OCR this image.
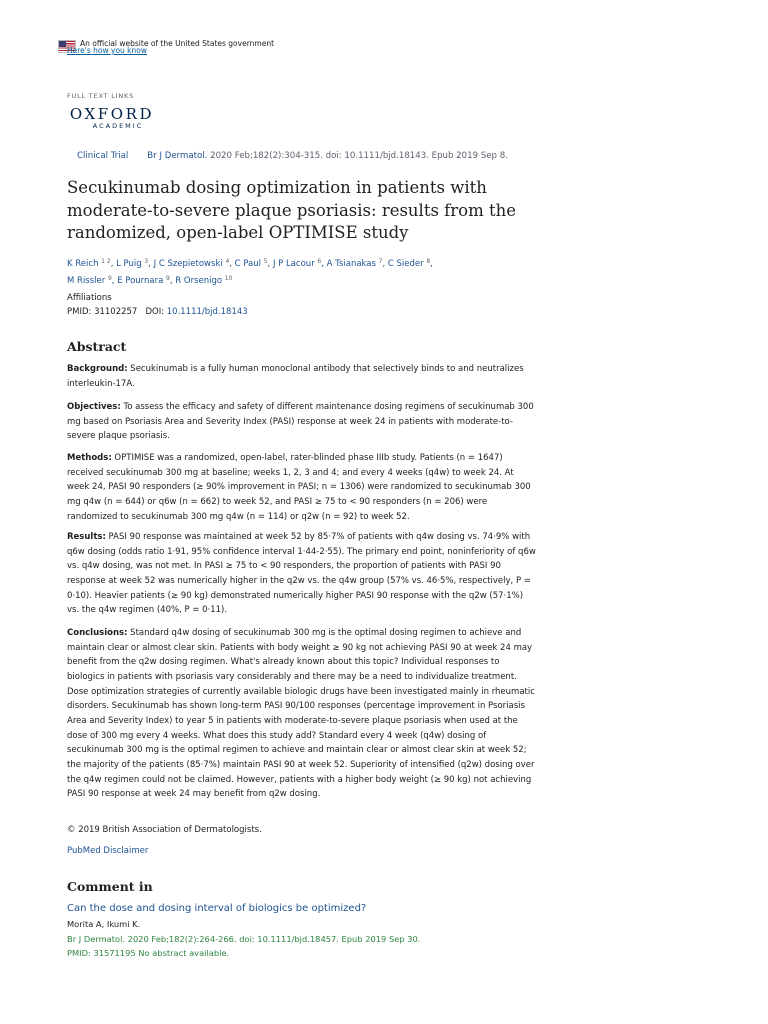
An official website of the United States government
Here's how you know
FULL TEXT LINKS
OXFORD
ACADEMIC
Clinical Trial Br J Dermatol. 2020 Feb;182(2):304-315. doi: 10.1111/bjd.18143. Epub 2019 Sep 8.
Secukinumab dosing optimization in patients with moderate-to-severe plaque psoriasis: results from the randomized, open-label OPTIMISE study
K Reich $^{1 2}$, L Puig $^3$, J C Szepietowski $^4$, C Paul $^5$, J P Lacour $^6$, A Tsianakas $^7$, C Sieder $^8$,
M Rissler $^9$, E Pournara $^9$, R Orsenigo $^{10}$
Affiliations
PMID: 31102257 DOI: 10.1111/bjd.18143
Abstract

Background: Secukinumab is a fully human monoclonal antibody that selectively binds to and neutralizes interleukin-17A.

Objectives: To assess the efficacy and safety of different maintenance dosing regimens of secukinumab 300 mg based on Psoriasis Area and Severity Index (PASI) response at week 24 in patients with moderate-to-severe plaque psoriasis.

Methods: OPTIMISE was a randomized, open-label, rater-blinded phase IIIb study. Patients (n = 1647) received secukinumab 300 mg at baseline; weeks 1, 2, 3 and 4; and every 4 weeks (q4w) to week 24. At week 24, PASI 90 responders (≥ 90% improvement in PASI; n = 1306) were randomized to secukinumab 300 mg q4w (n = 644) or q6w (n = 662) to week 52, and PASI ≥ 75 to < 90 responders (n = 206) were randomized to secukinumab 300 mg q4w (n = 114) or q2w (n = 92) to week 52.

Results: PASI 90 response was maintained at week 52 by 85·7% of patients with q4w dosing vs. 74·9% with q6w dosing (odds ratio 1·91, 95% confidence interval 1·44-2·55). The primary end point, noninferiority of q6w vs. q4w dosing, was not met. In PASI ≥ 75 to < 90 responders, the proportion of patients with PASI 90 response at week 52 was numerically higher in the q2w vs. the q4w group (57% vs. 46·5%, respectively, P = 0·10). Heavier patients (≥ 90 kg) demonstrated numerically higher PASI 90 response with the q2w (57·1%) vs. the q4w regimen (40%, P = 0·11).

Conclusions: Standard q4w dosing of secukinumab 300 mg is the optimal dosing regimen to achieve and maintain clear or almost clear skin. Patients with body weight ≥ 90 kg not achieving PASI 90 at week 24 may benefit from the q2w dosing regimen. What's already known about this topic? Individual responses to biologics in patients with psoriasis vary considerably and there may be a need to individualize treatment. Dose optimization strategies of currently available biologic drugs have been investigated mainly in rheumatic disorders. Secukinumab has shown long-term PASI 90/100 responses (percentage improvement in Psoriasis Area and Severity Index) to year 5 in patients with moderate-to-severe plaque psoriasis when used at the dose of 300 mg every 4 weeks. What does this study add? Standard every 4 week (q4w) dosing of secukinumab 300 mg is the optimal regimen to achieve and maintain clear or almost clear skin at week 52; the majority of the patients (85·7%) maintain PASI 90 at week 52. Superiority of intensified (q2w) dosing over the q4w regimen could not be claimed. However, patients with a higher body weight (≥ 90 kg) not achieving PASI 90 response at week 24 may benefit from q2w dosing.

© 2019 British Association of Dermatologists.

PubMed Disclaimer
Comment in
Can the dose and dosing interval of biologics be optimized?
Morita A, Ikumi K.
Br J Dermatol. 2020 Feb;182(2):264-266. doi: 10.1111/bjd.18457. Epub 2019 Sep 30.
PMID: 31571195 No abstract available.
